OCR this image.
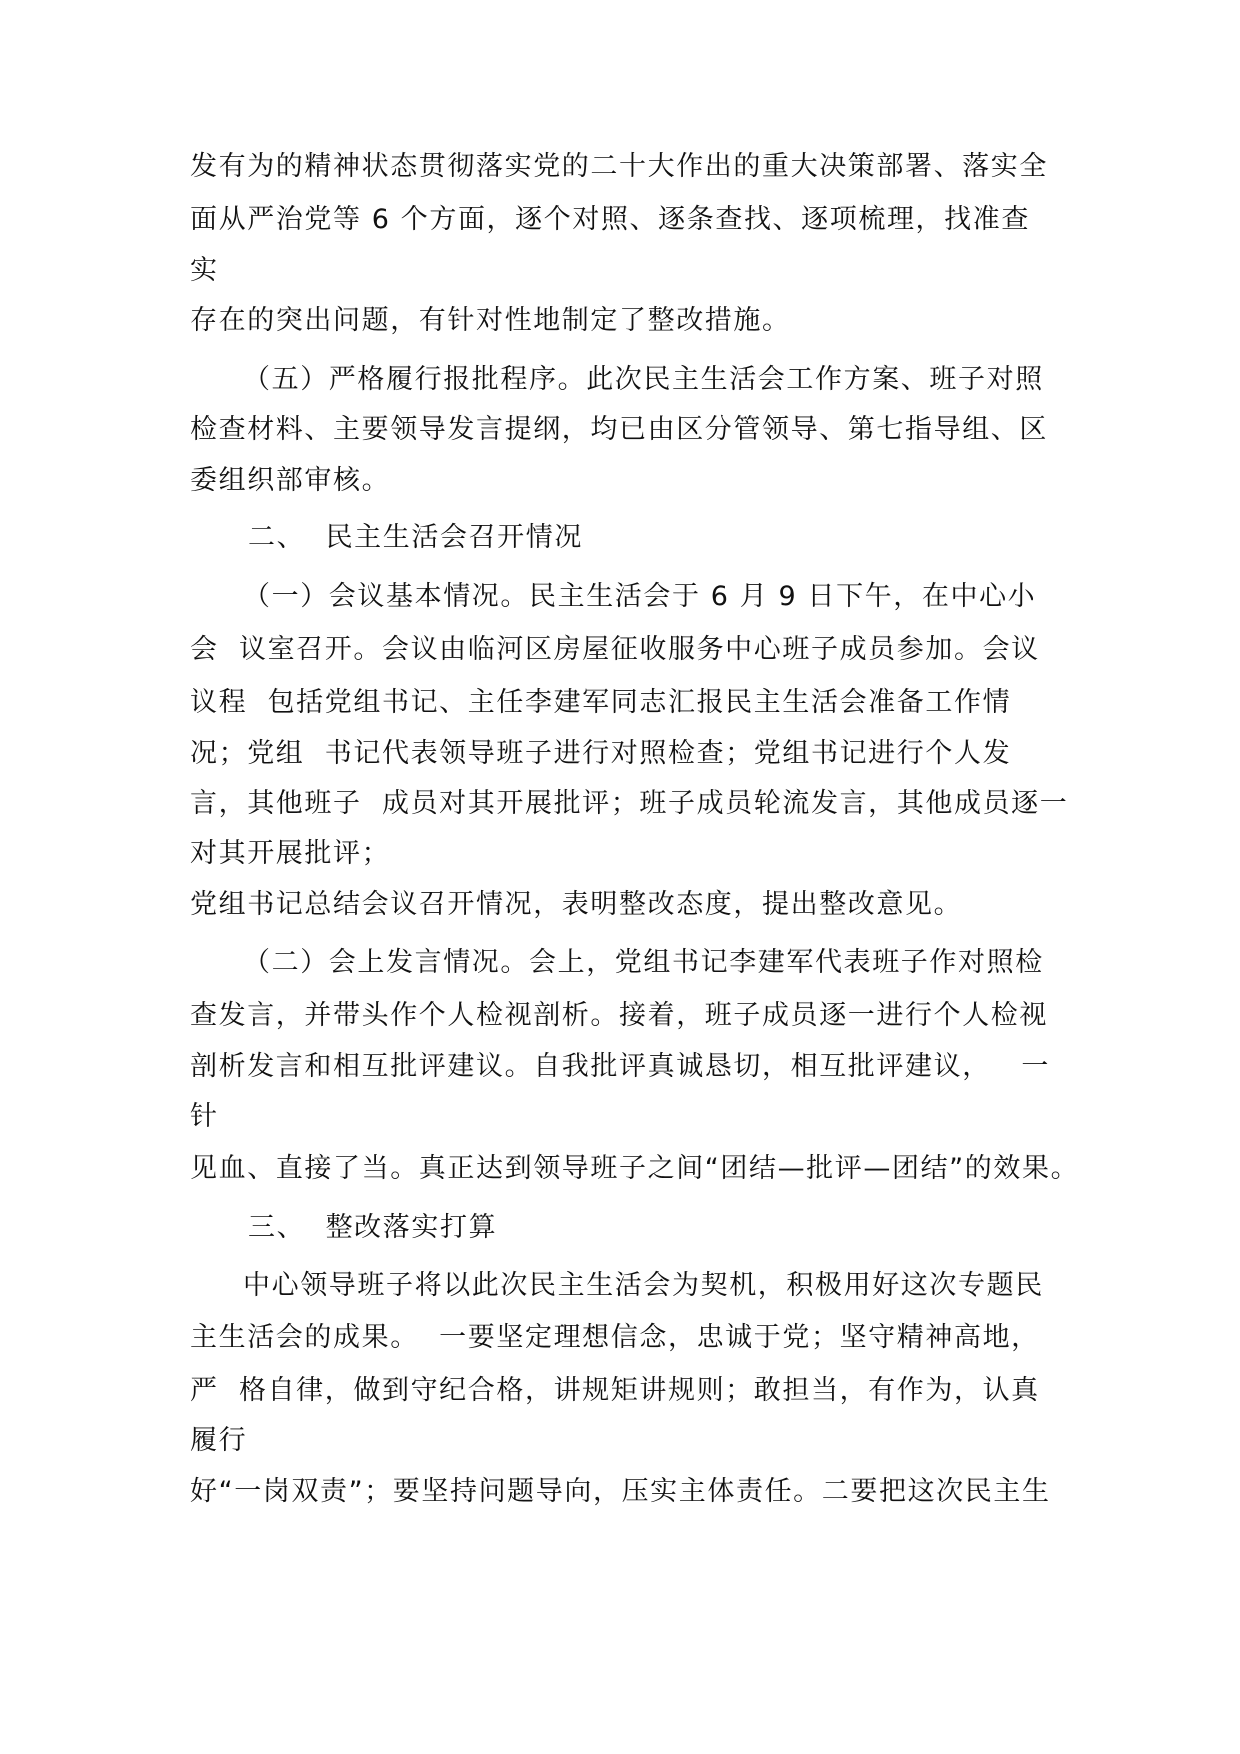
发有为的精神状态贯彻落实党的二十大作出的重大决策部署、落实全
面从严治党等 6 个方面，逐个对照、逐条查找、逐项梳理，找准查
实
存在的突出问题，有针对性地制定了整改措施。
（五）严格履行报批程序。此次民主生活会工作方案、班子对照
检查材料、主要领导发言提纲，均已由区分管领导、第七指导组、区
委组织部审核。
二、  民主生活会召开情况
（一）会议基本情况。民主生活会于 6 月 9 日下午，在中心小
会  议室召开。会议由临河区房屋征收服务中心班子成员参加。会议
议程  包括党组书记、主任李建军同志汇报民主生活会准备工作情
况；党组  书记代表领导班子进行对照检查；党组书记进行个人发
言，其他班子  成员对其开展批评；班子成员轮流发言，其他成员逐一
对其开展批评；
党组书记总结会议召开情况，表明整改态度，提出整改意见。
（二）会上发言情况。会上，党组书记李建军代表班子作对照检
查发言，并带头作个人检视剖析。接着，班子成员逐一进行个人检视
剖析发言和相互批评建议。自我批评真诚恳切，相互批评建议，   一
针
见血、直接了当。真正达到领导班子之间“团结—批评—团结”的效果。
三、  整改落实打算
中心领导班子将以此次民主生活会为契机，积极用好这次专题民
主生活会的成果。  一要坚定理想信念，忠诚于党；坚守精神高地，
严  格自律，做到守纪合格，讲规矩讲规则；敢担当，有作为，认真
履行
好“一岗双责”；要坚持问题导向，压实主体责任。二要把这次民主生
